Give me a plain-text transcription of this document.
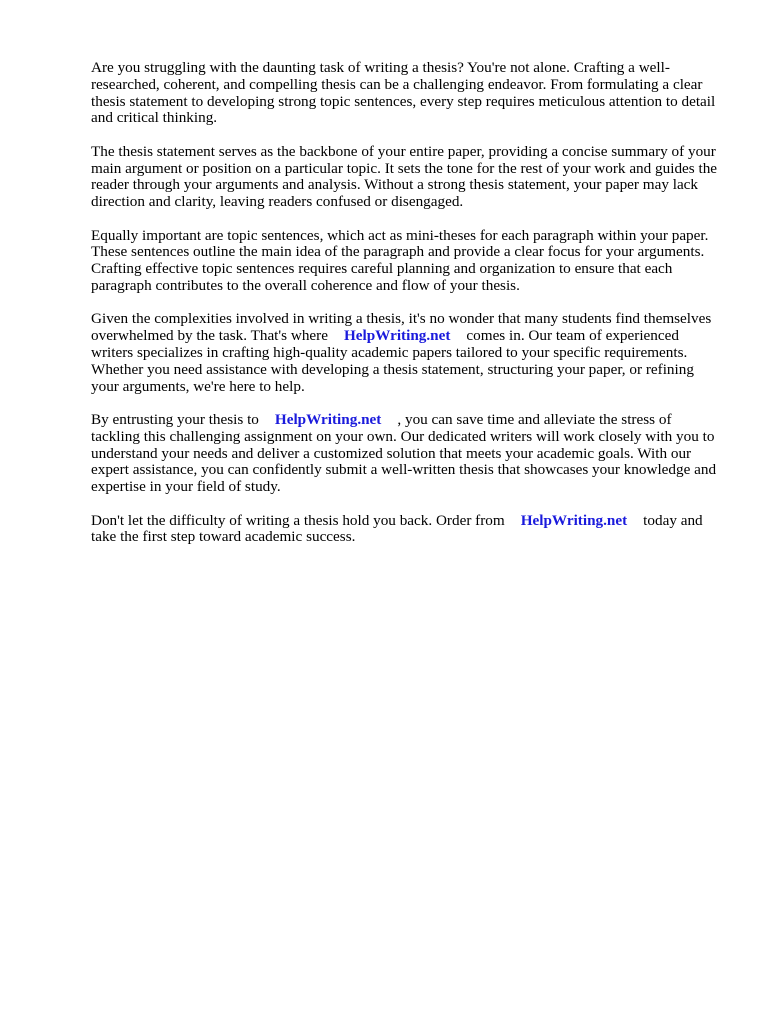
Are you struggling with the daunting task of writing a thesis? You're not alone. Crafting a well-researched, coherent, and compelling thesis can be a challenging endeavor. From formulating a clear thesis statement to developing strong topic sentences, every step requires meticulous attention to detail and critical thinking.

The thesis statement serves as the backbone of your entire paper, providing a concise summary of your main argument or position on a particular topic. It sets the tone for the rest of your work and guides the reader through your arguments and analysis. Without a strong thesis statement, your paper may lack direction and clarity, leaving readers confused or disengaged.

Equally important are topic sentences, which act as mini-theses for each paragraph within your paper. These sentences outline the main idea of the paragraph and provide a clear focus for your arguments. Crafting effective topic sentences requires careful planning and organization to ensure that each paragraph contributes to the overall coherence and flow of your thesis.

Given the complexities involved in writing a thesis, it's no wonder that many students find themselves overwhelmed by the task. That's where HelpWriting.net comes in. Our team of experienced writers specializes in crafting high-quality academic papers tailored to your specific requirements. Whether you need assistance with developing a thesis statement, structuring your paper, or refining your arguments, we're here to help.

By entrusting your thesis to HelpWriting.net , you can save time and alleviate the stress of tackling this challenging assignment on your own. Our dedicated writers will work closely with you to understand your needs and deliver a customized solution that meets your academic goals. With our expert assistance, you can confidently submit a well-written thesis that showcases your knowledge and expertise in your field of study.

Don't let the difficulty of writing a thesis hold you back. Order from HelpWriting.net today and take the first step toward academic success.
